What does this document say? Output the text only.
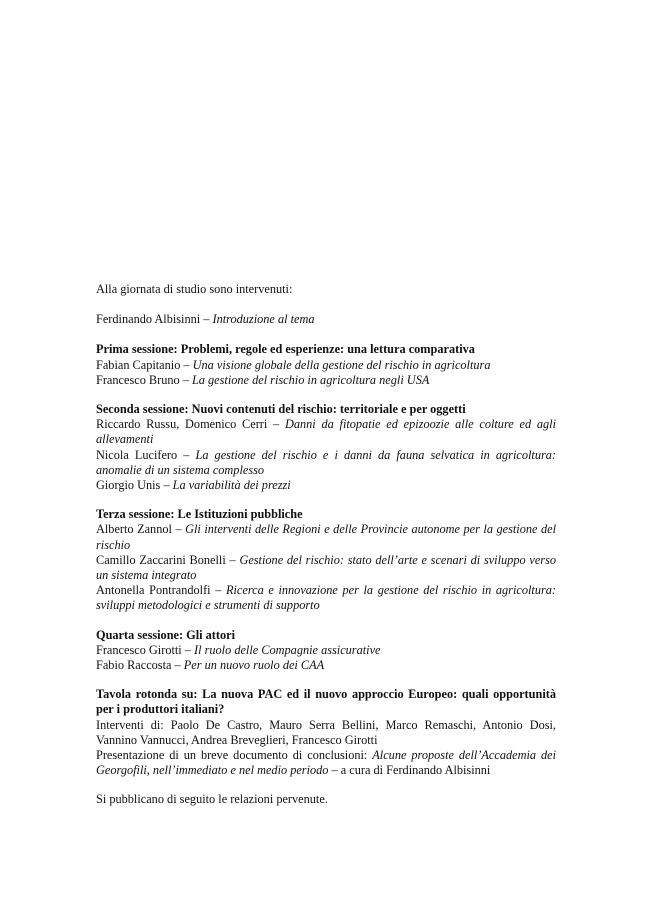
Alla giornata di studio sono intervenuti:

Ferdinando Albisinni – Introduzione al tema

Prima sessione: Problemi, regole ed esperienze: una lettura comparativa

Fabian Capitanio – Una visione globale della gestione del rischio in agricoltura

Francesco Bruno – La gestione del rischio in agricoltura negli USA

Seconda sessione: Nuovi contenuti del rischio: territoriale e per oggetti

Riccardo Russu, Domenico Cerri – Danni da fitopatie ed epizoozie alle colture ed agli allevamenti

Nicola Lucifero – La gestione del rischio e i danni da fauna selvatica in agricoltura: anomalie di un sistema complesso

Giorgio Unis – La variabilità dei prezzi

Terza sessione: Le Istituzioni pubbliche

Alberto Zannol – Gli interventi delle Regioni e delle Provincie autonome per la gestione del rischio

Camillo Zaccarini Bonelli – Gestione del rischio: stato dell’arte e scenari di sviluppo verso un sistema integrato

Antonella Pontrandolfi – Ricerca e innovazione per la gestione del rischio in agricoltura: sviluppi metodologici e strumenti di supporto

Quarta sessione: Gli attori

Francesco Girotti – Il ruolo delle Compagnie assicurative

Fabio Raccosta – Per un nuovo ruolo dei CAA

Tavola rotonda su: La nuova PAC ed il nuovo approccio Europeo: quali opportunità per i produttori italiani?

Interventi di: Paolo De Castro, Mauro Serra Bellini, Marco Remaschi, Antonio Dosi, Vannino Vannucci, Andrea Breveglieri, Francesco Girotti

Presentazione di un breve documento di conclusioni: Alcune proposte dell’Accademia dei Georgofili, nell’immediato e nel medio periodo – a cura di Ferdinando Albisinni

Si pubblicano di seguito le relazioni pervenute.
